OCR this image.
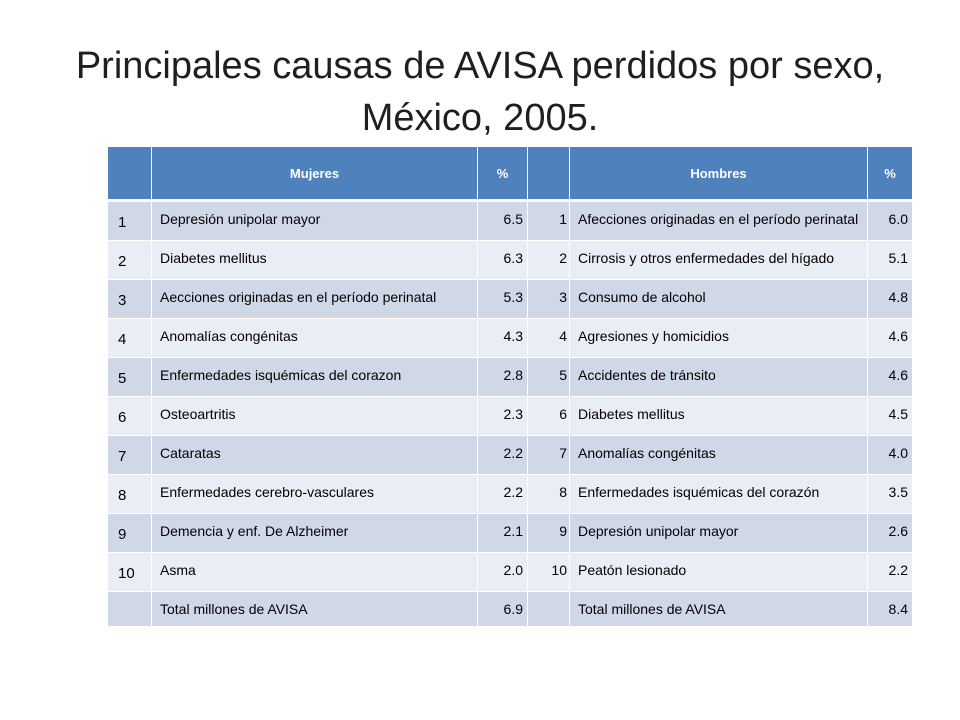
Principales causas de AVISA perdidos por sexo,
México, 2005.
	Mujeres	%		Hombres	%
1	Depresión unipolar mayor	6.5	1	Afecciones originadas en el período perinatal	6.0
2	Diabetes mellitus	6.3	2	Cirrosis y otros enfermedades del hígado	5.1
3	Aecciones originadas en el período perinatal	5.3	3	Consumo de alcohol	4.8
4	Anomalías congénitas	4.3	4	Agresiones y homicidios	4.6
5	Enfermedades isquémicas del corazon	2.8	5	Accidentes de tránsito	4.6
6	Osteoartritis	2.3	6	Diabetes mellitus	4.5
7	Cataratas	2.2	7	Anomalías congénitas	4.0
8	Enfermedades cerebro-vasculares	2.2	8	Enfermedades isquémicas del corazón	3.5
9	Demencia y enf. De Alzheimer	2.1	9	Depresión unipolar mayor	2.6
10	Asma	2.0	10	Peatón lesionado	2.2
	Total millones de AVISA	6.9		Total millones de AVISA	8.4
